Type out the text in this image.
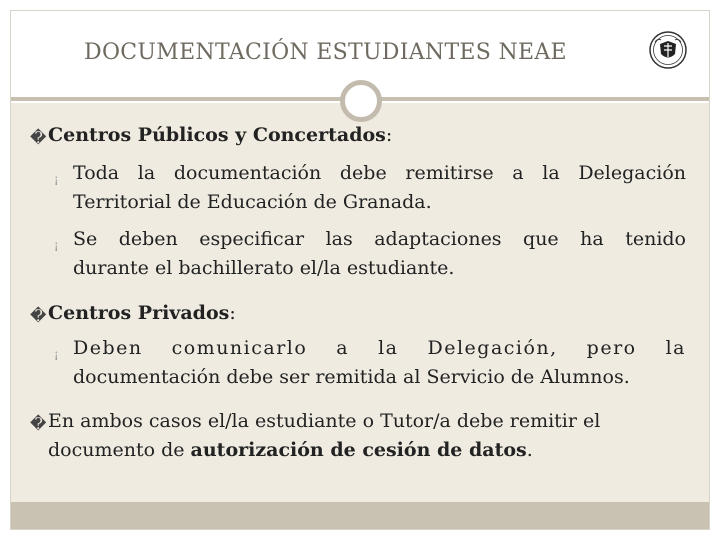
DOCUMENTACIÓN ESTUDIANTES NEAE
� Centros Públicos y Concertados:
¡ Toda la documentación debe remitirse a la Delegación
Territorial de Educación de Granada.
¡ Se deben especificar las adaptaciones que ha tenido
durante el bachillerato el/la estudiante.
� Centros Privados:
¡ Deben comunicarlo a la Delegación, pero la
documentación debe ser remitida al Servicio de Alumnos.
� En ambos casos el/la estudiante o Tutor/a debe remitir el
documento de autorización de cesión de datos.
